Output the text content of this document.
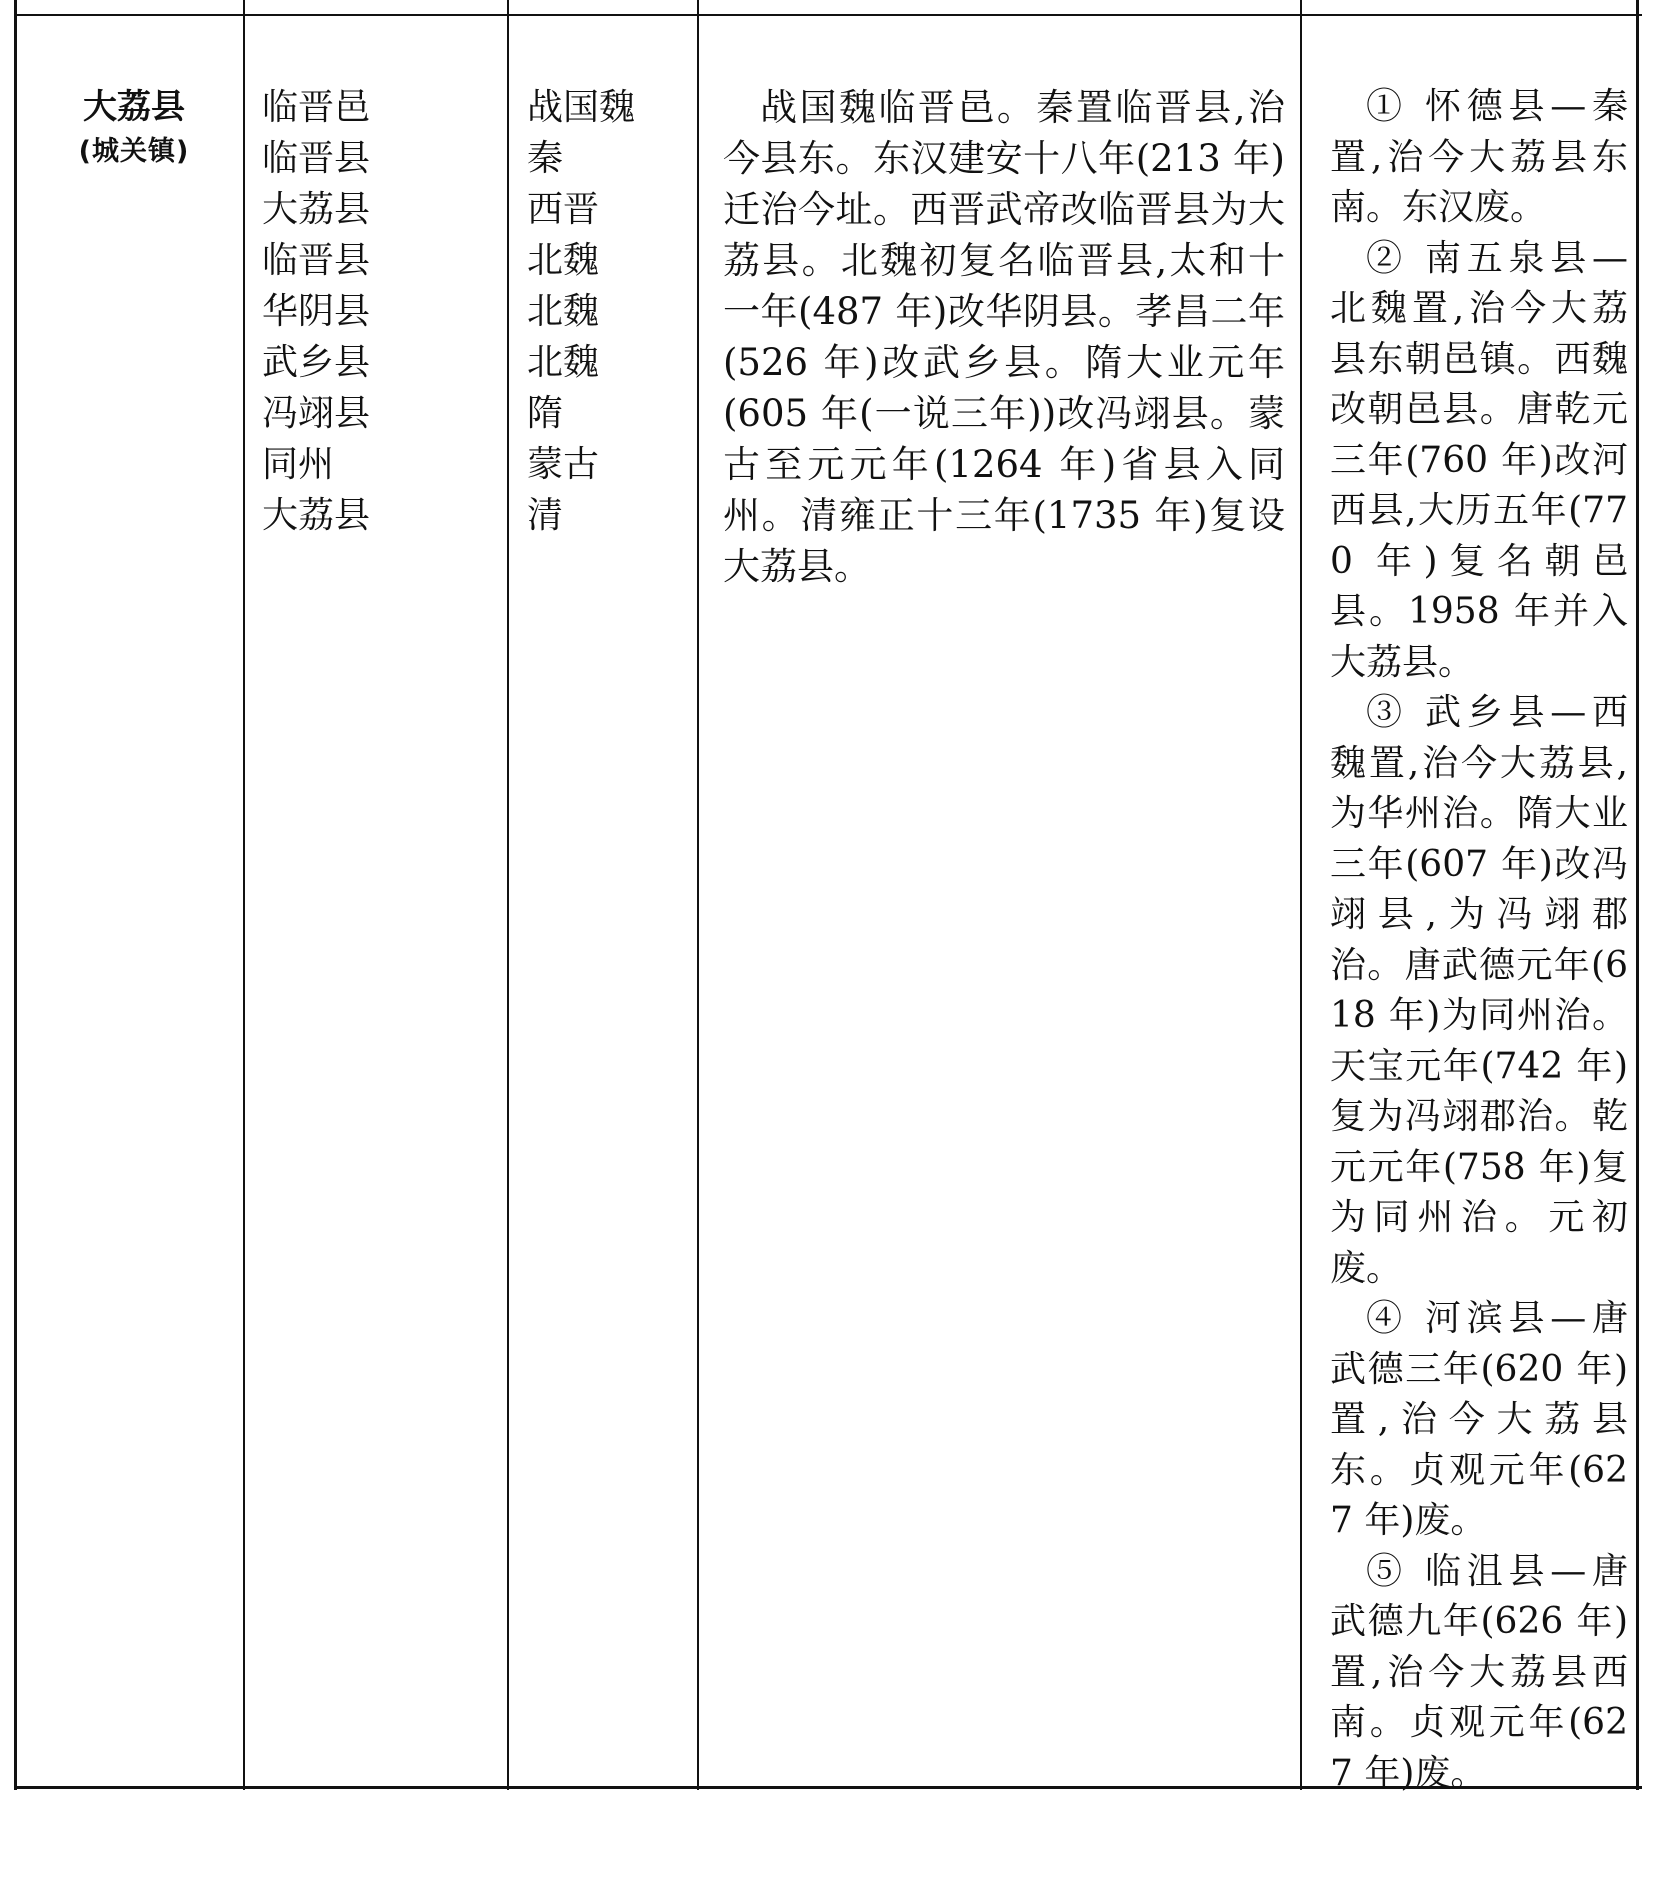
大荔县
(城关镇)
临晋邑
临晋县
大荔县
临晋县
华阴县
武乡县
冯翊县
同州
大荔县
战国魏
秦
西晋
北魏
北魏
北魏
隋
蒙古
清

战国魏临晋邑。秦置临晋县,治今县东。东汉建安十八年(213 年)迁治今址。西晋武帝改临晋县为大荔县。北魏初复名临晋县,太和十一年(487 年)改华阴县。孝昌二年(526 年)改武乡县。隋大业元年(605 年(一说三年))改冯翊县。蒙古至元元年(1264 年)省县入同州。清雍正十三年(1735 年)复设大荔县。

① 怀德县—秦置,治今大荔县东南。东汉废。

② 南五泉县—北魏置,治今大荔县东朝邑镇。西魏改朝邑县。唐乾元三年(760 年)改河西县,大历五年(770 年)复名朝邑县。1958 年并入大荔县。

③ 武乡县—西魏置,治今大荔县,为华州治。隋大业三年(607 年)改冯翊县,为冯翊郡治。唐武德元年(618 年)为同州治。天宝元年(742 年)复为冯翊郡治。乾元元年(758 年)复为同州治。元初废。

④ 河滨县—唐武德三年(620 年)置,治今大荔县东。贞观元年(627 年)废。

⑤ 临沮县—唐武德九年(626 年)置,治今大荔县西南。贞观元年(627 年)废。
